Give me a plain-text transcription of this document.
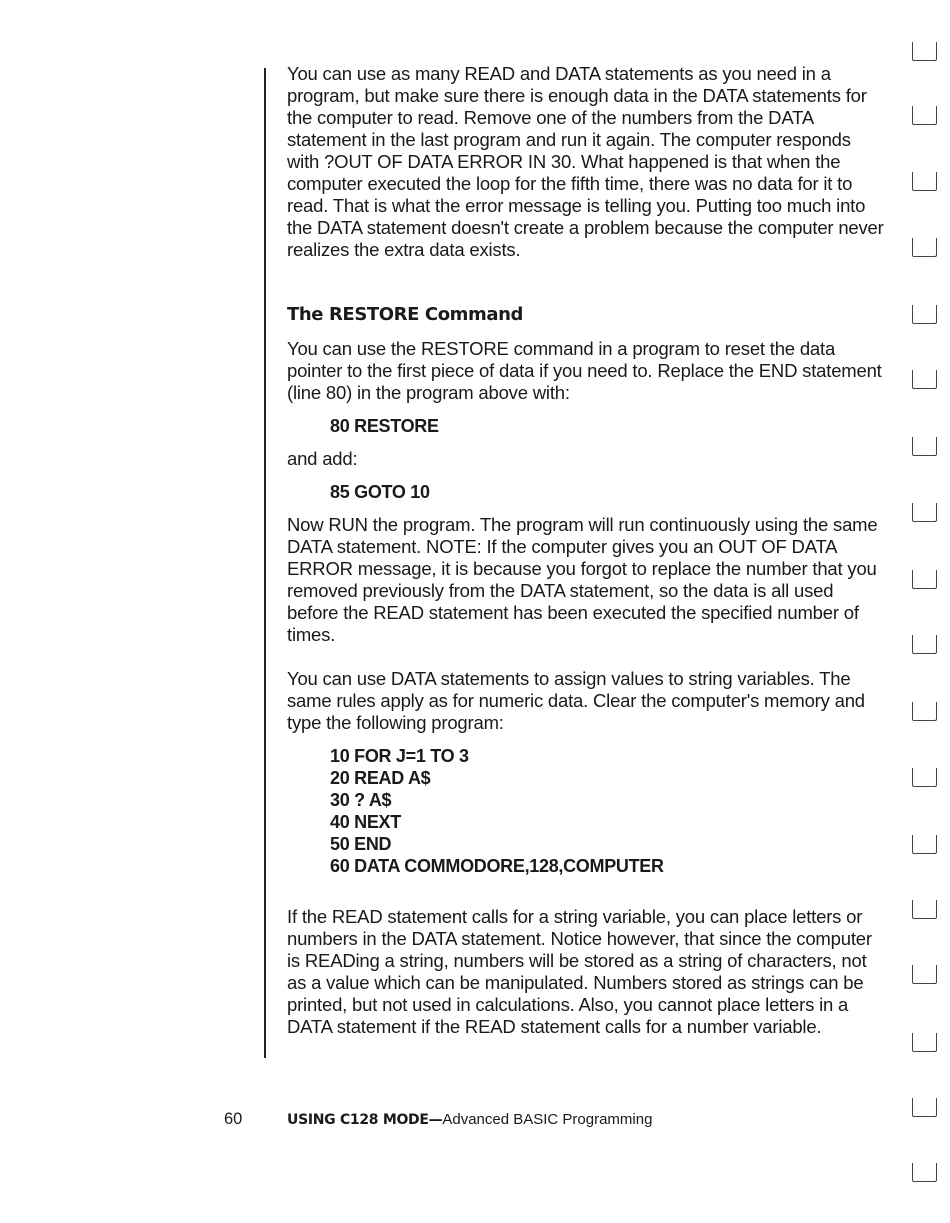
You can use as many READ and DATA statements as you need in a program, but make sure there is enough data in the DATA statements for the computer to read. Remove one of the numbers from the DATA statement in the last program and run it again. The computer responds with ?OUT OF DATA ERROR IN 30. What happened is that when the computer executed the loop for the fifth time, there was no data for it to read. That is what the error message is telling you. Putting too much into the DATA statement doesn't create a problem because the computer never realizes the extra data exists.

The RESTORE Command

You can use the RESTORE command in a program to reset the data pointer to the first piece of data if you need to. Replace the END statement (line 80) in the program above with:

80 RESTORE

and add:

85 GOTO 10

Now RUN the program. The program will run continuously using the same DATA statement. NOTE: If the computer gives you an OUT OF DATA ERROR message, it is because you forgot to replace the number that you removed previously from the DATA statement, so the data is all used before the READ statement has been executed the specified number of times.

You can use DATA statements to assign values to string variables. The same rules apply as for numeric data. Clear the computer's memory and type the following program:

10 FOR J=1 TO 3

20 READ A$

30 ? A$

40 NEXT

50 END

60 DATA COMMODORE,128,COMPUTER

If the READ statement calls for a string variable, you can place letters or numbers in the DATA statement. Notice however, that since the computer is READing a string, numbers will be stored as a string of characters, not as a value which can be manipulated. Numbers stored as strings can be printed, but not used in calculations. Also, you cannot place letters in a DATA statement if the READ statement calls for a number variable.

60	USING C128 MODE—Advanced BASIC Programming
